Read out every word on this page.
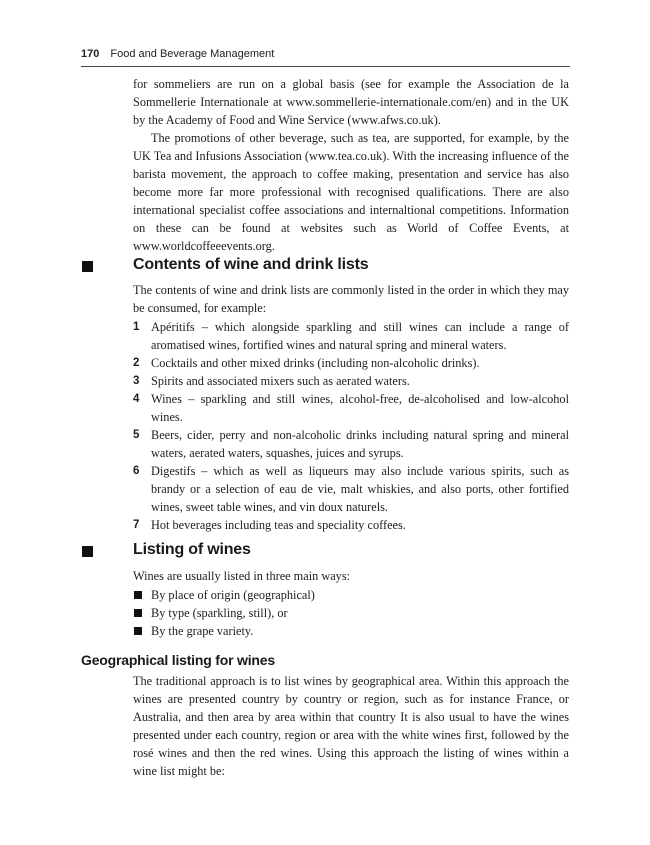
170 Food and Beverage Management

for sommeliers are run on a global basis (see for example the Association de la Sommellerie Internationale at www.sommellerie-internationale.com/en) and in the UK by the Academy of Food and Wine Service (www.afws.co.uk).

The promotions of other beverage, such as tea, are supported, for example, by the UK Tea and Infusions Association (www.tea.co.uk). With the increasing influence of the barista movement, the approach to coffee making, presentation and service has also become more far more professional with recognised qualifications. There are also international specialist coffee associations and internaltional competitions. Information on these can be found at websites such as World of Coffee Events, at www.worldcoffeeevents.org.

Contents of wine and drink lists

The contents of wine and drink lists are commonly listed in the order in which they may be consumed, for example:

1 Apéritifs – which alongside sparkling and still wines can include a range of aromatised wines, fortified wines and natural spring and mineral waters.
2 Cocktails and other mixed drinks (including non-alcoholic drinks).
3 Spirits and associated mixers such as aerated waters.
4 Wines – sparkling and still wines, alcohol-free, de-alcoholised and low-alcohol wines.
5 Beers, cider, perry and non-alcoholic drinks including natural spring and mineral waters, aerated waters, squashes, juices and syrups.
6 Digestifs – which as well as liqueurs may also include various spirits, such as brandy or a selection of eau de vie, malt whiskies, and also ports, other fortified wines, sweet table wines, and vin doux naturels.
7 Hot beverages including teas and speciality coffees.
Listing of wines

Wines are usually listed in three main ways:

By place of origin (geographical)
By type (sparkling, still), or
By the grape variety.
Geographical listing for wines

The traditional approach is to list wines by geographical area. Within this approach the wines are presented country by country or region, such as for instance France, or Australia, and then area by area within that country It is also usual to have the wines presented under each country, region or area with the white wines first, followed by the rosé wines and then the red wines. Using this approach the listing of wines within a wine list might be:
